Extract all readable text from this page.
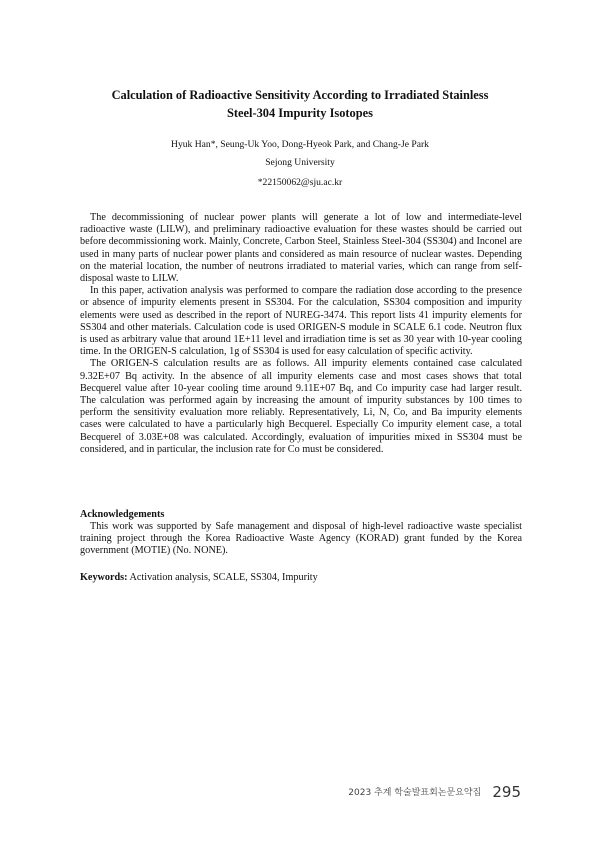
Calculation of Radioactive Sensitivity According to Irradiated Stainless
Steel-304 Impurity Isotopes
Hyuk Han*, Seung-Uk Yoo, Dong-Hyeok Park, and Chang-Je Park
Sejong University
*22150062@sju.ac.kr

The decommissioning of nuclear power plants will generate a lot of low and intermediate-level radioactive waste (LILW), and preliminary radioactive evaluation for these wastes should be carried out before decommissioning work. Mainly, Concrete, Carbon Steel, Stainless Steel-304 (SS304) and Inconel are used in many parts of nuclear power plants and considered as main resource of nuclear wastes. Depending on the material location, the number of neutrons irradiated to material varies, which can range from self-disposal waste to LILW.

In this paper, activation analysis was performed to compare the radiation dose according to the presence or absence of impurity elements present in SS304. For the calculation, SS304 composition and impurity elements were used as described in the report of NUREG-3474. This report lists 41 impurity elements for SS304 and other materials. Calculation code is used ORIGEN-S module in SCALE 6.1 code. Neutron flux is used as arbitrary value that around 1E+11 level and irradiation time is set as 30 year with 10-year cooling time. In the ORIGEN-S calculation, 1g of SS304 is used for easy calculation of specific activity.

The ORIGEN-S calculation results are as follows. All impurity elements contained case calculated 9.32E+07 Bq activity. In the absence of all impurity elements case and most cases shows that total Becquerel value after 10-year cooling time around 9.11E+07 Bq, and Co impurity case had larger result. The calculation was performed again by increasing the amount of impurity substances by 100 times to perform the sensitivity evaluation more reliably. Representatively, Li, N, Co, and Ba impurity elements cases were calculated to have a particularly high Becquerel. Especially Co impurity element case, a total Becquerel of 3.03E+08 was calculated. Accordingly, evaluation of impurities mixed in SS304 must be considered, and in particular, the inclusion rate for Co must be considered.

Acknowledgements

This work was supported by Safe management and disposal of high-level radioactive waste specialist training project through the Korea Radioactive Waste Agency (KORAD) grant funded by the Korea government (MOTIE) (No. NONE).

Keywords: Activation analysis, SCALE, SS304, Impurity
2023 추계 학술발표회논문요약집 295
